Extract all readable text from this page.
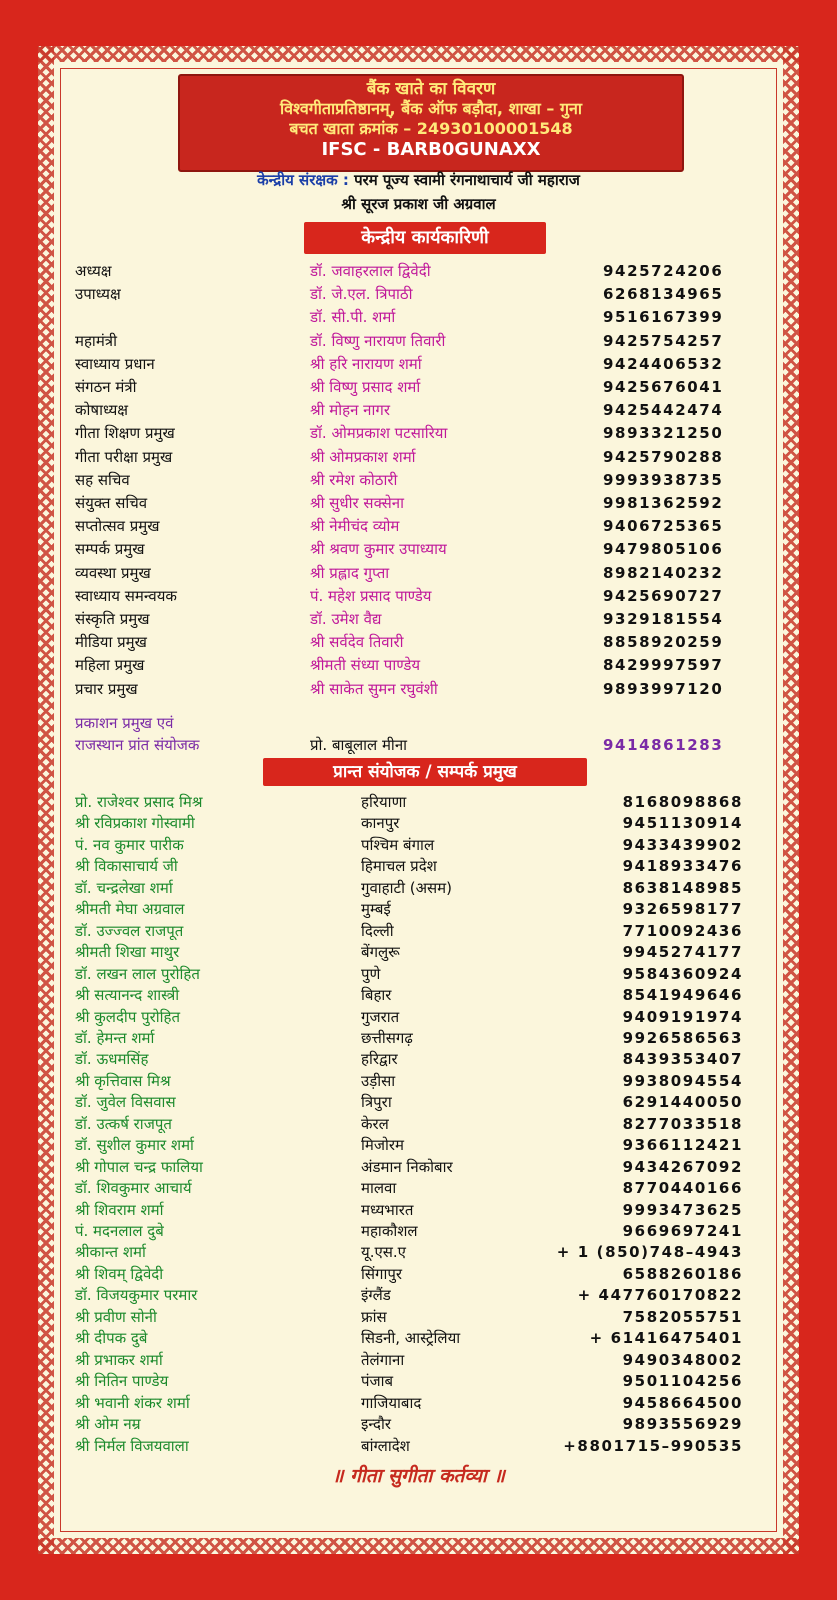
बैंक खाते का विवरण
विश्वगीताप्रतिष्ठानम्, बैंक ऑफ बड़ौदा, शाखा – गुना
बचत खाता क्रमांक – 24930100001548
IFSC - BARB0GUNAXX
केन्द्रीय संरक्षक : परम पूज्य स्वामी रंगनाथाचार्य जी महाराज
श्री सूरज प्रकाश जी अग्रवाल
केन्द्रीय कार्यकारिणी
अध्यक्ष	डॉ. जवाहरलाल द्विवेदी	9425724206
उपाध्यक्ष	डॉ. जे.एल. त्रिपाठी	6268134965
डॉ. सी.पी. शर्मा	9516167399
महामंत्री	डॉ. विष्णु नारायण तिवारी	9425754257
स्वाध्याय प्रधान	श्री हरि नारायण शर्मा	9424406532
संगठन मंत्री	श्री विष्णु प्रसाद शर्मा	9425676041
कोषाध्यक्ष	श्री मोहन नागर	9425442474
गीता शिक्षण प्रमुख	डॉ. ओमप्रकाश पटसारिया	9893321250
गीता परीक्षा प्रमुख	श्री ओमप्रकाश शर्मा	9425790288
सह सचिव	श्री रमेश कोठारी	9993938735
संयुक्त सचिव	श्री सुधीर सक्सेना	9981362592
सप्तोत्सव प्रमुख	श्री नेमीचंद व्योम	9406725365
सम्पर्क प्रमुख	श्री श्रवण कुमार उपाध्याय	9479805106
व्यवस्था प्रमुख	श्री प्रह्लाद गुप्ता	8982140232
स्वाध्याय समन्वयक	पं. महेश प्रसाद पाण्डेय	9425690727
संस्कृति प्रमुख	डॉ. उमेश वैद्य	9329181554
मीडिया प्रमुख	श्री सर्वदेव तिवारी	8858920259
महिला प्रमुख	श्रीमती संध्या पाण्डेय	8429997597
प्रचार प्रमुख	श्री साकेत सुमन रघुवंशी	9893997120
प्रकाशन प्रमुख एवं
राजस्थान प्रांत संयोजक	प्रो. बाबूलाल मीना	9414861283
प्रान्त संयोजक / सम्पर्क प्रमुख
प्रो. राजेश्वर प्रसाद मिश्र	हरियाणा	8168098868
श्री रविप्रकाश गोस्वामी	कानपुर	9451130914
पं. नव कुमार पारीक	पश्चिम बंगाल	9433439902
श्री विकासाचार्य जी	हिमाचल प्रदेश	9418933476
डॉ. चन्द्रलेखा शर्मा	गुवाहाटी (असम)	8638148985
श्रीमती मेघा अग्रवाल	मुम्बई	9326598177
डॉ. उज्ज्वल राजपूत	दिल्ली	7710092436
श्रीमती शिखा माथुर	बेंगलुरू	9945274177
डॉ. लखन लाल पुरोहित	पुणे	9584360924
श्री सत्यानन्द शास्त्री	बिहार	8541949646
श्री कुलदीप पुरोहित	गुजरात	9409191974
डॉ. हेमन्त शर्मा	छत्तीसगढ़	9926586563
डॉ. ऊधमसिंह	हरिद्वार	8439353407
श्री कृत्तिवास मिश्र	उड़ीसा	9938094554
डॉ. जुवेल विसवास	त्रिपुरा	6291440050
डॉ. उत्कर्ष राजपूत	केरल	8277033518
डॉ. सुशील कुमार शर्मा	मिजोरम	9366112421
श्री गोपाल चन्द्र फालिया	अंडमान निकोबार	9434267092
डॉ. शिवकुमार आचार्य	मालवा	8770440166
श्री शिवराम शर्मा	मध्यभारत	9993473625
पं. मदनलाल दुबे	महाकौशल	9669697241
श्रीकान्त शर्मा	यू.एस.ए	+ 1 (850)748–4943
श्री शिवम् द्विवेदी	सिंगापुर	6588260186
डॉ. विजयकुमार परमार	इंग्लैंड	+ 447760170822
श्री प्रवीण सोनी	फ्रांस	7582055751
श्री दीपक दुबे	सिडनी, आस्ट्रेलिया	+ 61416475401
श्री प्रभाकर शर्मा	तेलंगाना	9490348002
श्री नितिन पाण्डेय	पंजाब	9501104256
श्री भवानी शंकर शर्मा	गाजियाबाद	9458664500
श्री ओम नम्र	इन्दौर	9893556929
श्री निर्मल विजयवाला	बांग्लादेश	+8801715–990535
॥ गीता सुगीता कर्तव्या ॥
